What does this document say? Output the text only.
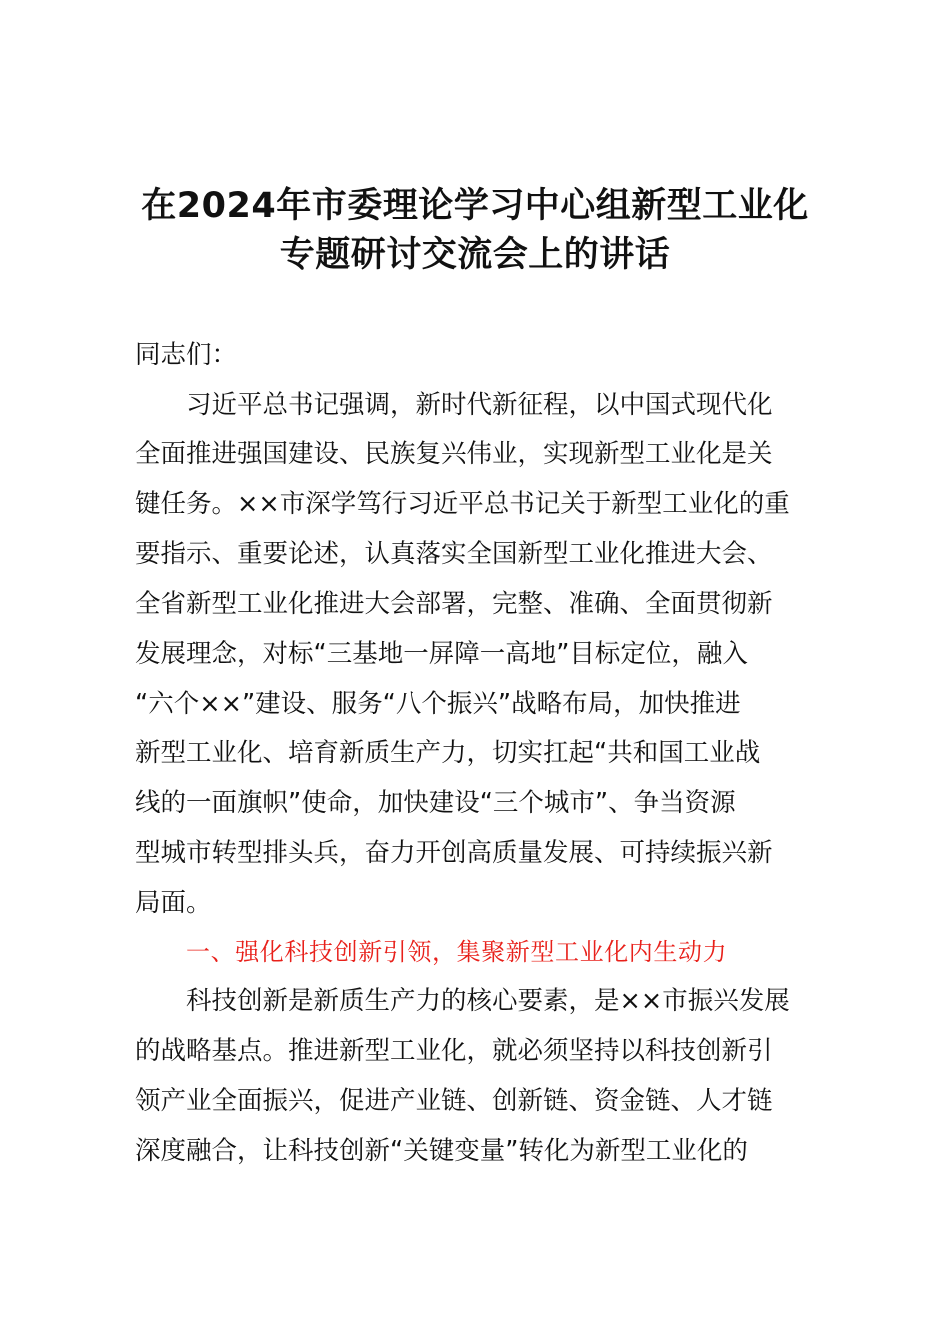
在2024年市委理论学习中心组新型工业化
专题研讨交流会上的讲话
同志们：
习近平总书记强调，新时代新征程，以中国式现代化
全面推进强国建设、民族复兴伟业，实现新型工业化是关
键任务。××市深学笃行习近平总书记关于新型工业化的重
要指示、重要论述，认真落实全国新型工业化推进大会、
全省新型工业化推进大会部署，完整、准确、全面贯彻新
发展理念，对标“三基地一屏障一高地”目标定位，融入
“六个××”建设、服务“八个振兴”战略布局，加快推进
新型工业化、培育新质生产力，切实扛起“共和国工业战
线的一面旗帜”使命，加快建设“三个城市”、争当资源
型城市转型排头兵，奋力开创高质量发展、可持续振兴新
局面。
一、强化科技创新引领，集聚新型工业化内生动力
科技创新是新质生产力的核心要素，是××市振兴发展
的战略基点。推进新型工业化，就必须坚持以科技创新引
领产业全面振兴，促进产业链、创新链、资金链、人才链
深度融合，让科技创新“关键变量”转化为新型工业化的
